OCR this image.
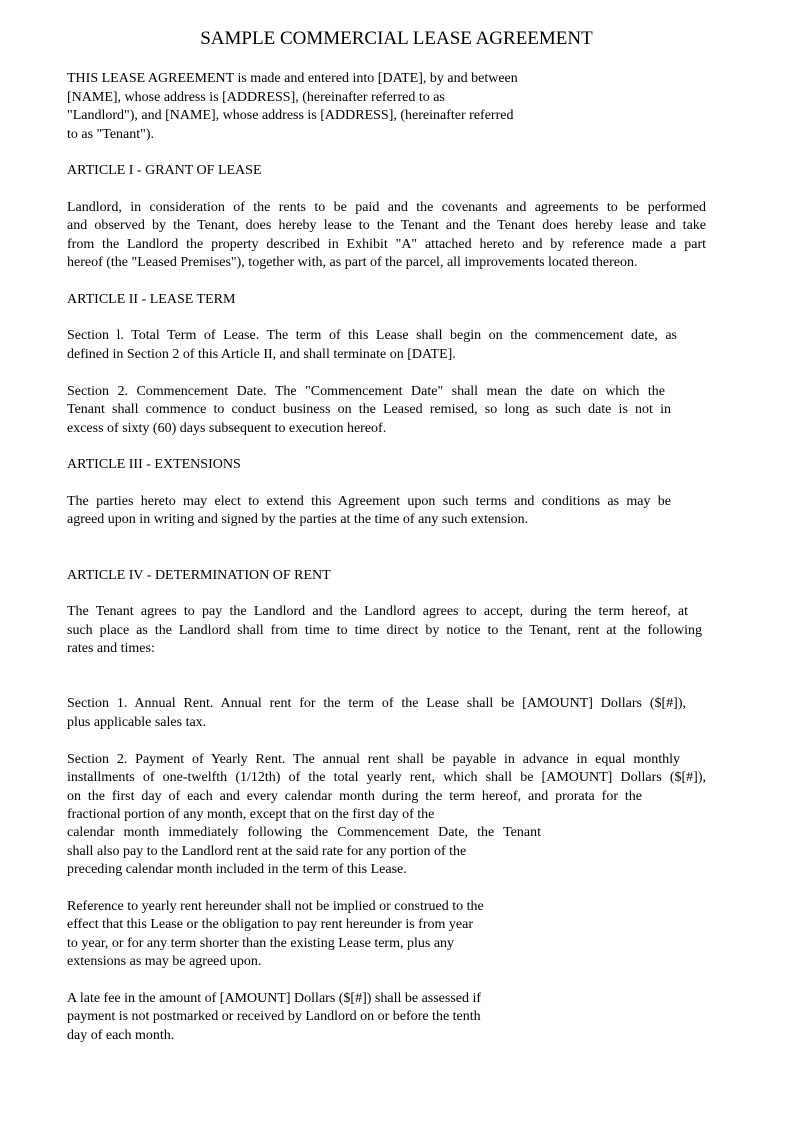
SAMPLE COMMERCIAL LEASE AGREEMENT
THIS LEASE AGREEMENT is made and entered into [DATE], by and between
[NAME], whose address is [ADDRESS], (hereinafter referred to as
"Landlord"), and [NAME], whose address is [ADDRESS], (hereinafter referred
to as "Tenant").
ARTICLE I - GRANT OF LEASE
Landlord, in consideration of the rents to be paid and the covenants and agreements to be performed
and observed by the Tenant, does hereby lease to the Tenant and the Tenant does hereby lease and take
from the Landlord the property described in Exhibit "A" attached hereto and by reference made a part
hereof (the "Leased Premises"), together with, as part of the parcel, all improvements located thereon.
ARTICLE II - LEASE TERM
Section l. Total Term of Lease. The term of this Lease shall begin on the commencement date, as
defined in Section 2 of this Article II, and shall terminate on [DATE].
Section 2. Commencement Date. The "Commencement Date" shall mean the date on which the
Tenant shall commence to conduct business on the Leased remised, so long as such date is not in
excess of sixty (60) days subsequent to execution hereof.
ARTICLE III - EXTENSIONS
The parties hereto may elect to extend this Agreement upon such terms and conditions as may be
agreed upon in writing and signed by the parties at the time of any such extension.
ARTICLE IV - DETERMINATION OF RENT
The Tenant agrees to pay the Landlord and the Landlord agrees to accept, during the term hereof, at
such place as the Landlord shall from time to time direct by notice to the Tenant, rent at the following
rates and times:
Section 1. Annual Rent. Annual rent for the term of the Lease shall be [AMOUNT] Dollars ($[#]),
plus applicable sales tax.
Section 2. Payment of Yearly Rent. The annual rent shall be payable in advance in equal monthly
installments of one-twelfth (1/12th) of the total yearly rent, which shall be [AMOUNT] Dollars ($[#]),
on the first day of each and every calendar month during the term hereof, and prorata for the
fractional portion of any month, except that on the first day of the
calendar month immediately following the Commencement Date, the Tenant
shall also pay to the Landlord rent at the said rate for any portion of the
preceding calendar month included in the term of this Lease.
Reference to yearly rent hereunder shall not be implied or construed to the
effect that this Lease or the obligation to pay rent hereunder is from year
to year, or for any term shorter than the existing Lease term, plus any
extensions as may be agreed upon.
A late fee in the amount of [AMOUNT] Dollars ($[#]) shall be assessed if
payment is not postmarked or received by Landlord on or before the tenth
day of each month.
